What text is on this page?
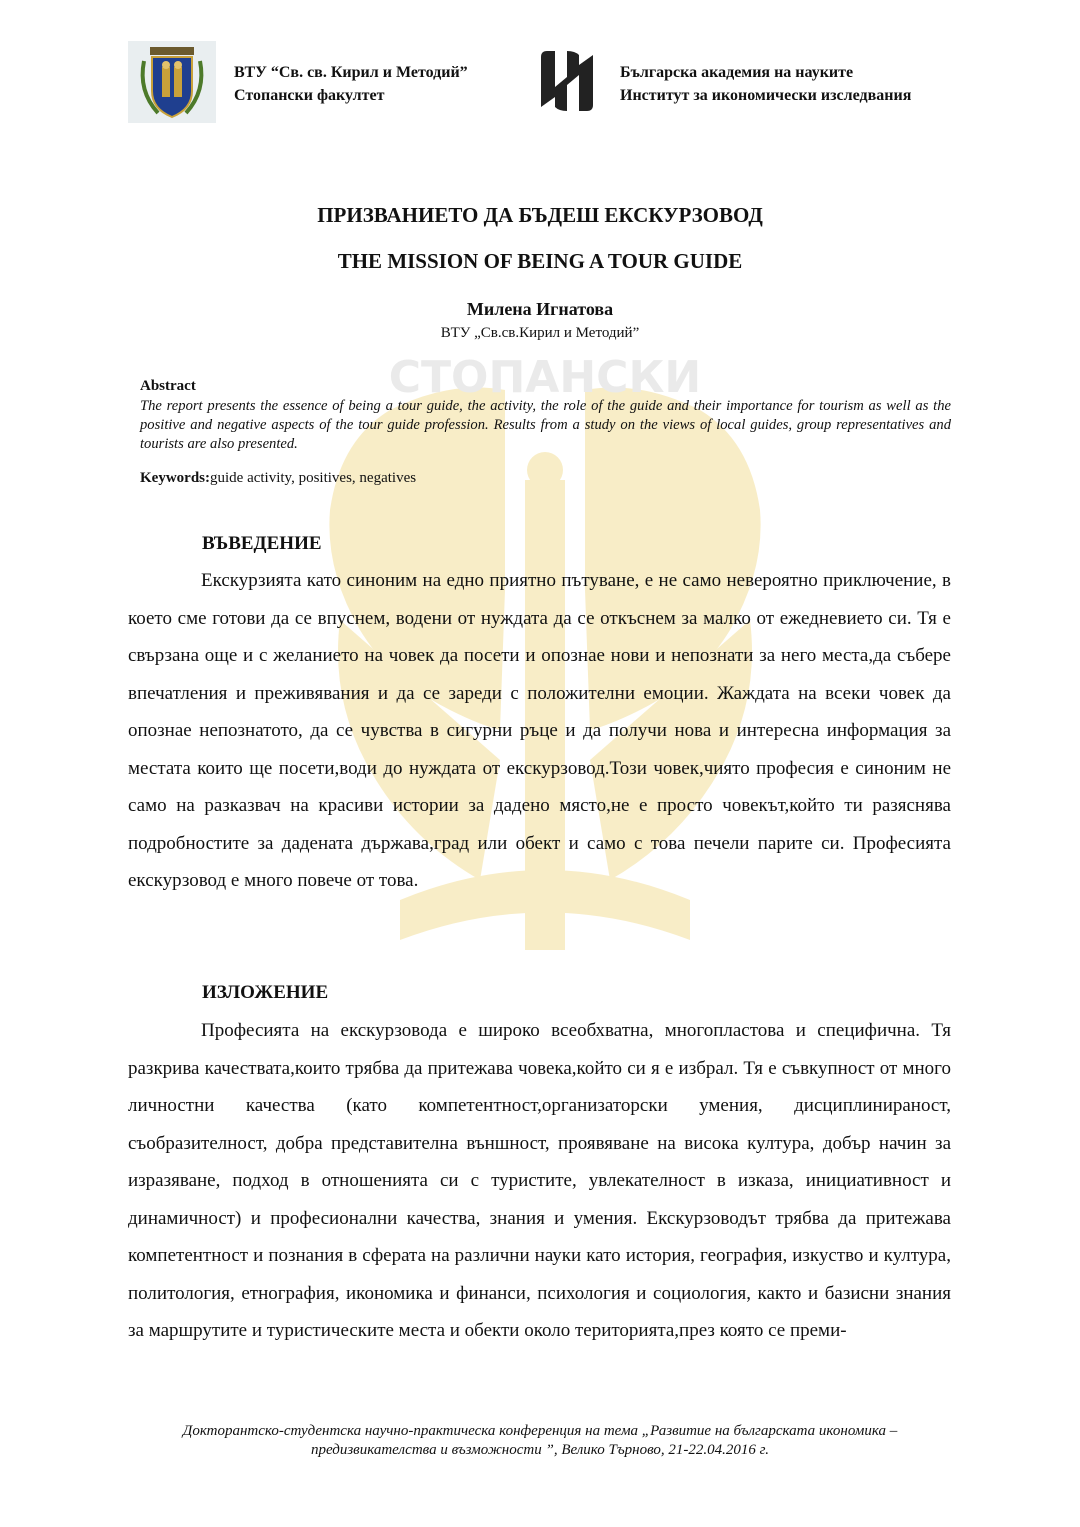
ВТУ “Св. св. Кирил и Методий”
Стопански факултет
Българска академия на науките
Институт за икономически изследвания
СТОПАНСКИ
ПРИЗВАНИЕТО ДА БЪДЕШ ЕКСКУРЗОВОД
THE MISSION OF BEING A TOUR GUIDE
Милена Игнатова
ВТУ „Св.св.Кирил и Методий”
Abstract
The report presents the essence of being a tour guide, the activity, the role of the guide and their importance for tourism as well as the positive and negative aspects of the tour guide profession. Results from a study on the views of local guides, group representatives and tourists are also presented.
Keywords:guide activity, positives, negatives
ВЪВЕДЕНИЕ
Екскурзията като синоним на едно приятно пътуване, е не само невероятно приключение, в което сме готови да се впуснем, водени от нуждата да се откъснем за малко от ежедневието си. Тя е свързана още и с желанието на човек да посети и опознае нови и непознати за него места,да събере впечатления и преживявания и да се зареди с положителни емоции. Жаждата на всеки човек да опознае непознатото, да се чувства в сигурни ръце и да получи нова и интересна информация за местата които ще посети,води до нуждата от екскурзовод.Този човек,чиято професия е синоним не само на разказвач на красиви истории за дадено място,не е просто човекът,който ти разяснява подробностите за дадената държава,град или обект и само с това печели парите си. Професията екскурзовод е много повече от това.
ИЗЛОЖЕНИЕ
Професията на екскурзовода е широко всеобхватна, многопластова и специфична. Тя разкрива качествата,които трябва да притежава човека,който си я е избрал. Тя е съвкупност от много личностни качества (като компетентност,организаторски умения, дисциплинираност, съобразителност, добра представителна външност, проявяване на висока култура, добър начин за изразяване, подход в отношенията си с туристите, увлекателност в изказа, инициативност и динамичност) и професионални качества, знания и умения. Екскурзоводът трябва да притежава компетентност и познания в сферата на различни науки като история, география, изкуство и култура, политология, етнография, икономика и финанси, психология и социология, както и базисни знания за маршрутите и туристическите места и обекти около територията,през която се преми-
Докторантско-студентска научно-практическа конференция на тема „Развитие на българската икономика – предизвикателства и възможности ”, Велико Търново, 21-22.04.2016 г.
